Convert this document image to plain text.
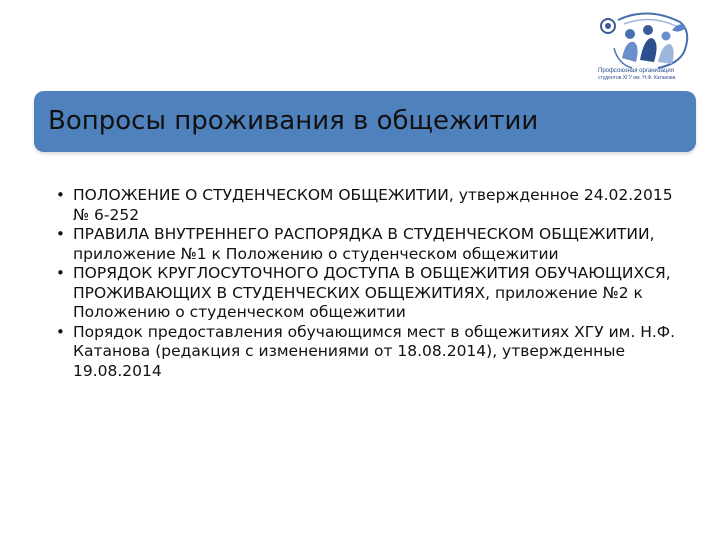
Профсоюзная организация
студентов ХГУ им. Н.Ф. Катанова
Вопросы проживания в общежитии
• ПОЛОЖЕНИЕ О СТУДЕНЧЕСКОМ ОБЩЕЖИТИИ, утвержденное 24.02.2015 № 6-252
• ПРАВИЛА ВНУТРЕННЕГО РАСПОРЯДКА В СТУДЕНЧЕСКОМ ОБЩЕЖИТИИ, приложение №1 к Положению о студенческом общежитии
• ПОРЯДОК КРУГЛОСУТОЧНОГО ДОСТУПА В ОБЩЕЖИТИЯ ОБУЧАЮЩИХСЯ, ПРОЖИВАЮЩИХ В СТУДЕНЧЕСКИХ ОБЩЕЖИТИЯХ, приложение №2 к Положению о студенческом общежитии
• Порядок предоставления обучающимся мест в общежитиях ХГУ им. Н.Ф. Катанова (редакция с изменениями от 18.08.2014), утвержденные 19.08.2014
